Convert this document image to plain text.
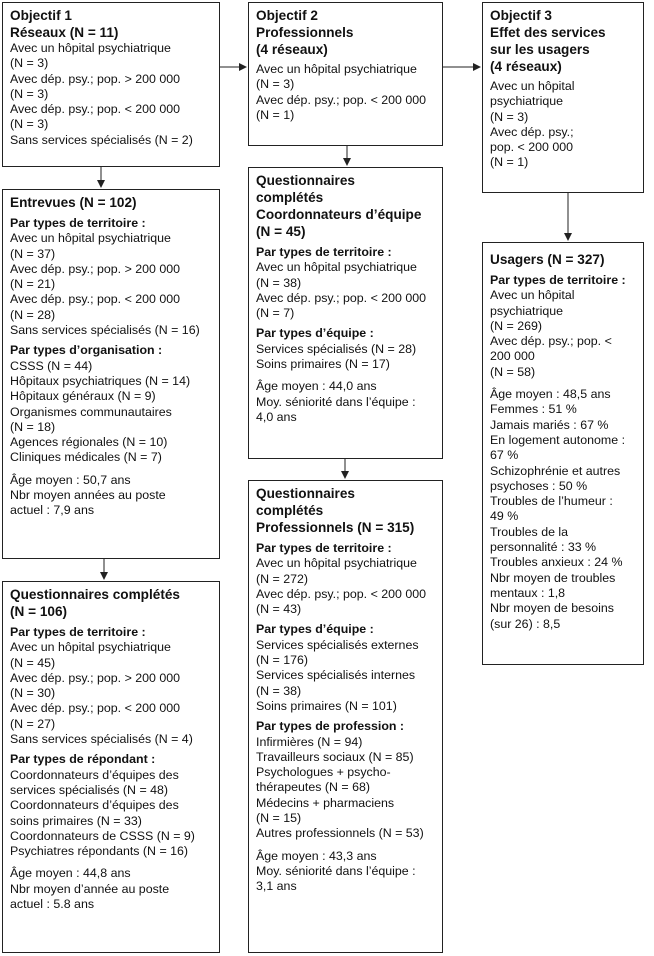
Objectif 1
Réseaux (N = 11)
Avec un hôpital psychiatrique
(N = 3)
Avec dép. psy.; pop. > 200 000
(N = 3)
Avec dép. psy.; pop. < 200 000
(N = 3)
Sans services spécialisés (N = 2)
Entrevues (N = 102)
Par types de territoire :
Avec un hôpital psychiatrique
(N = 37)
Avec dép. psy.; pop. > 200 000
(N = 21)
Avec dép. psy.; pop. < 200 000
(N = 28)
Sans services spécialisés (N = 16)
Par types d’organisation :
CSSS (N = 44)
Hôpitaux psychiatriques (N = 14)
Hôpitaux généraux (N = 9)
Organismes communautaires
(N = 18)
Agences régionales (N = 10)
Cliniques médicales (N = 7)
Âge moyen : 50,7 ans
Nbr moyen années au poste
actuel : 7,9 ans
Questionnaires complétés
(N = 106)
Par types de territoire :
Avec un hôpital psychiatrique
(N = 45)
Avec dép. psy.; pop. > 200 000
(N = 30)
Avec dép. psy.; pop. < 200 000
(N = 27)
Sans services spécialisés (N = 4)
Par types de répondant :
Coordonnateurs d’équipes des
services spécialisés (N = 48)
Coordonnateurs d’équipes des
soins primaires (N = 33)
Coordonnateurs de CSSS (N = 9)
Psychiatres répondants (N = 16)
Âge moyen : 44,8 ans
Nbr moyen d’année au poste
actuel : 5.8 ans
Objectif 2
Professionnels
(4 réseaux)
Avec un hôpital psychiatrique
(N = 3)
Avec dép. psy.; pop. < 200 000
(N = 1)
Questionnaires
complétés
Coordonnateurs d’équipe
(N = 45)
Par types de territoire :
Avec un hôpital psychiatrique
(N = 38)
Avec dép. psy.; pop. < 200 000
(N = 7)
Par types d’équipe :
Services spécialisés (N = 28)
Soins primaires (N = 17)
Âge moyen : 44,0 ans
Moy. séniorité dans l’équipe :
4,0 ans
Questionnaires
complétés
Professionnels (N = 315)
Par types de territoire :
Avec un hôpital psychiatrique
(N = 272)
Avec dép. psy.; pop. < 200 000
(N = 43)
Par types d’équipe :
Services spécialisés externes
(N = 176)
Services spécialisés internes
(N = 38)
Soins primaires (N = 101)
Par types de profession :
Infirmières (N = 94)
Travailleurs sociaux (N = 85)
Psychologues + psycho-
thérapeutes (N = 68)
Médecins + pharmaciens
(N = 15)
Autres professionnels (N = 53)
Âge moyen : 43,3 ans
Moy. séniorité dans l’équipe :
3,1 ans
Objectif 3
Effet des services
sur les usagers
(4 réseaux)
Avec un hôpital
psychiatrique
(N = 3)
Avec dép. psy.;
pop. < 200 000
(N = 1)
Usagers (N = 327)
Par types de territoire :
Avec un hôpital
psychiatrique
(N = 269)
Avec dép. psy.; pop. <
200 000
(N = 58)
Âge moyen : 48,5 ans
Femmes : 51 %
Jamais mariés : 67 %
En logement autonome :
67 %
Schizophrénie et autres
psychoses : 50 %
Troubles de l’humeur :
49 %
Troubles de la
personnalité : 33 %
Troubles anxieux : 24 %
Nbr moyen de troubles
mentaux : 1,8
Nbr moyen de besoins
(sur 26) : 8,5
